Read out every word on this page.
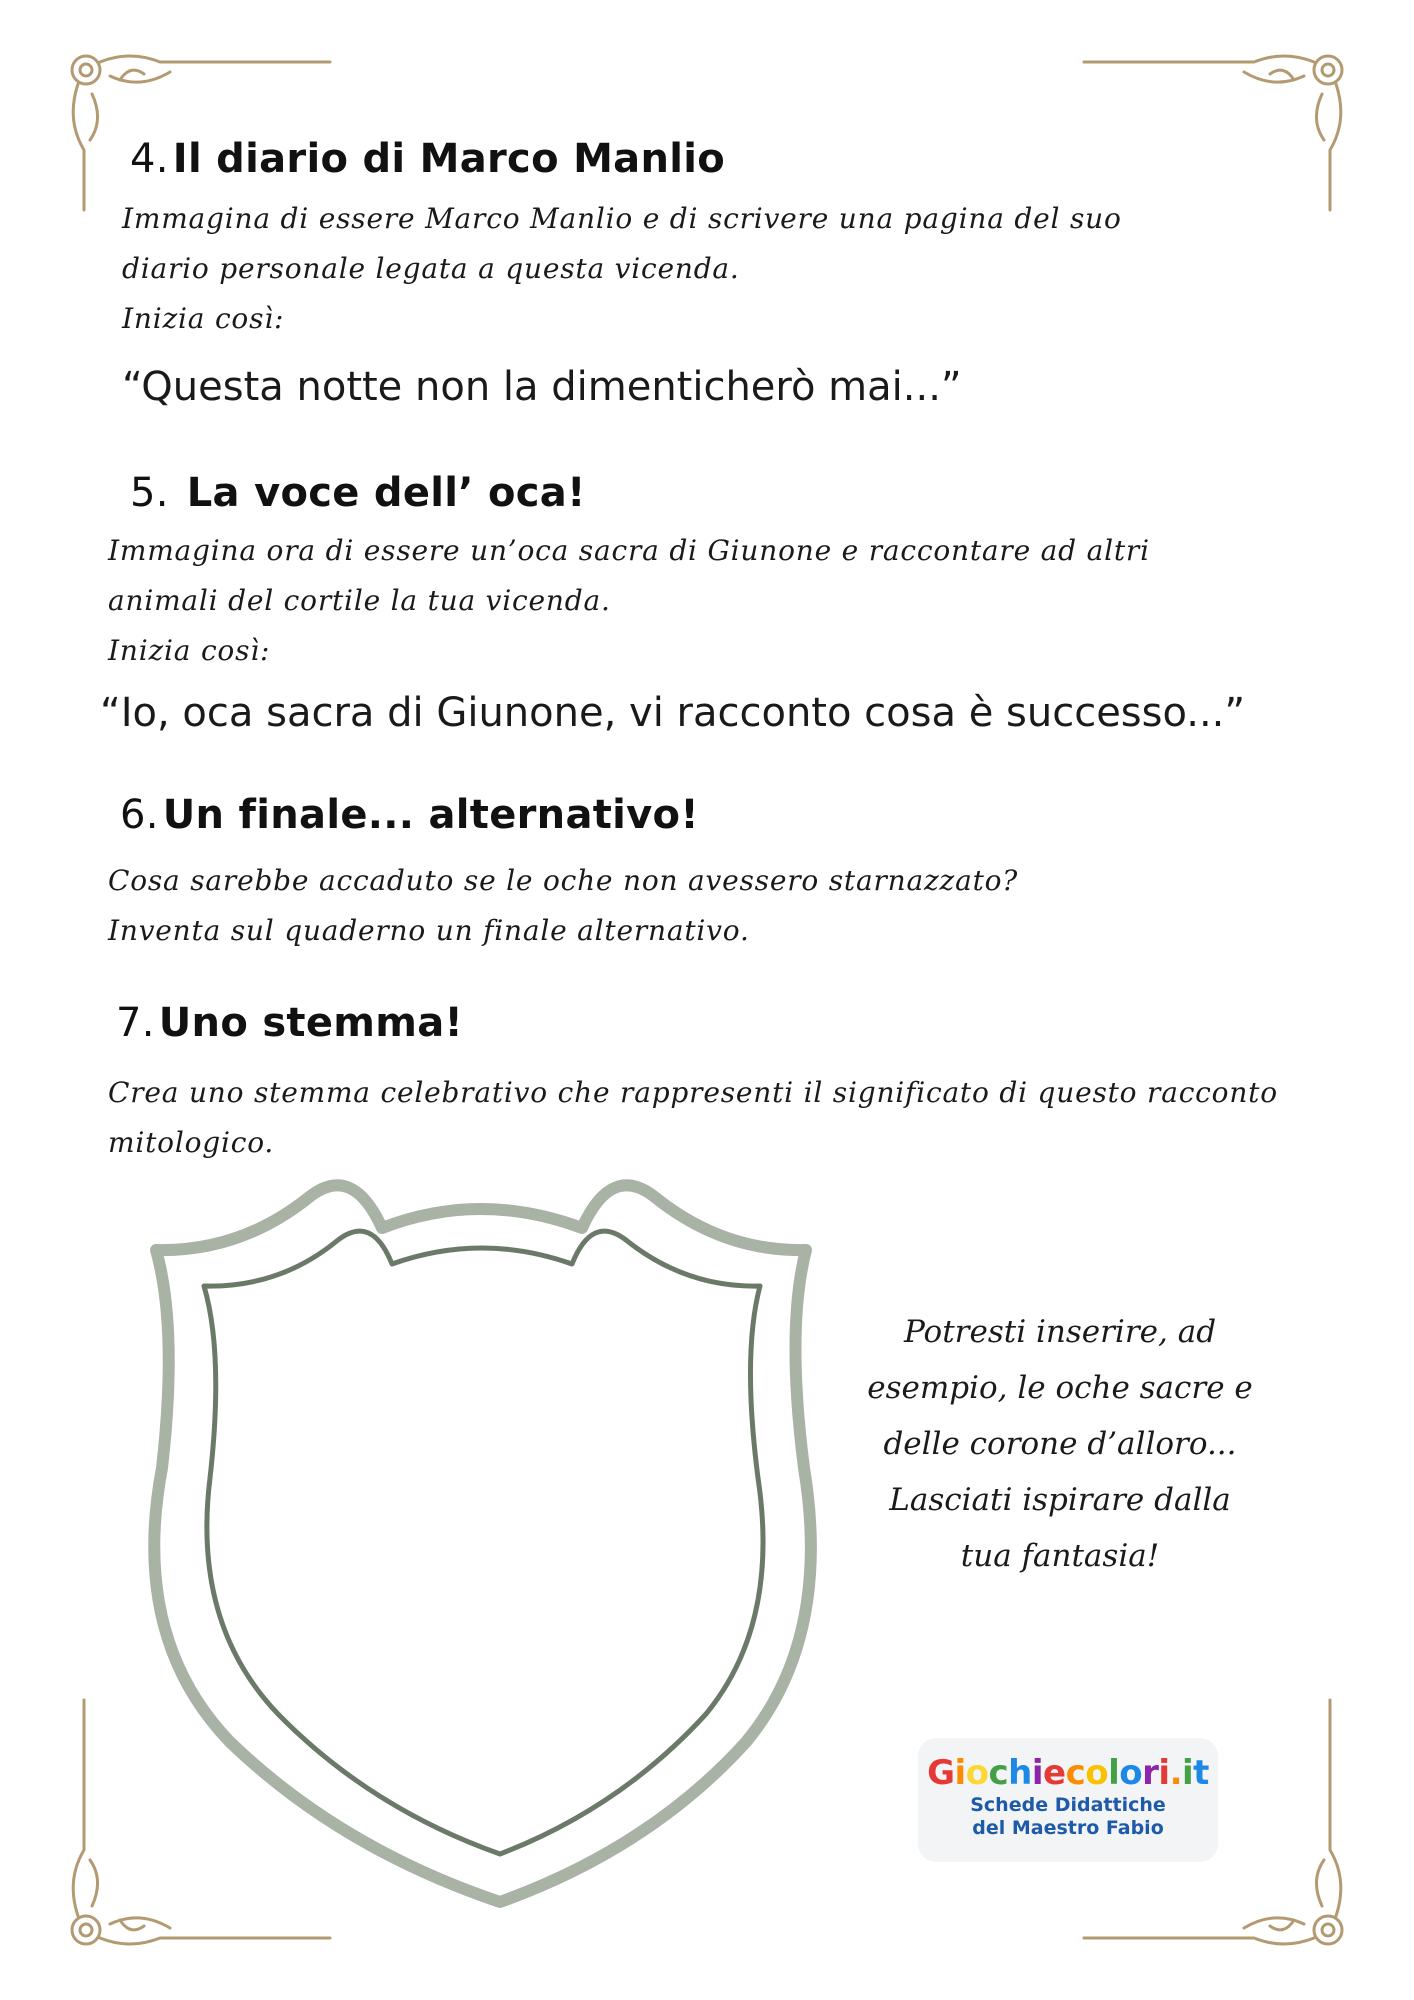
4. Il diario di Marco Manlio
Immagina di essere Marco Manlio e di scrivere una pagina del suo
diario personale legata a questa vicenda.
Inizia così:
“Questa notte non la dimenticherò mai...”
5. La voce dell’ oca!
Immagina ora di essere un’oca sacra di Giunone e raccontare ad altri
animali del cortile la tua vicenda.
Inizia così:
“Io, oca sacra di Giunone, vi racconto cosa è successo...”
6. Un finale... alternativo!
Cosa sarebbe accaduto se le oche non avessero starnazzato?
Inventa sul quaderno un finale alternativo.
7. Uno stemma!
Crea uno stemma celebrativo che rappresenti il significato di questo racconto
mitologico.
Potresti inserire, ad
esempio, le oche sacre e
delle corone d’alloro...
Lasciati ispirare dalla
tua fantasia!
Giochiecolori.it
Schede Didattiche
del Maestro Fabio
